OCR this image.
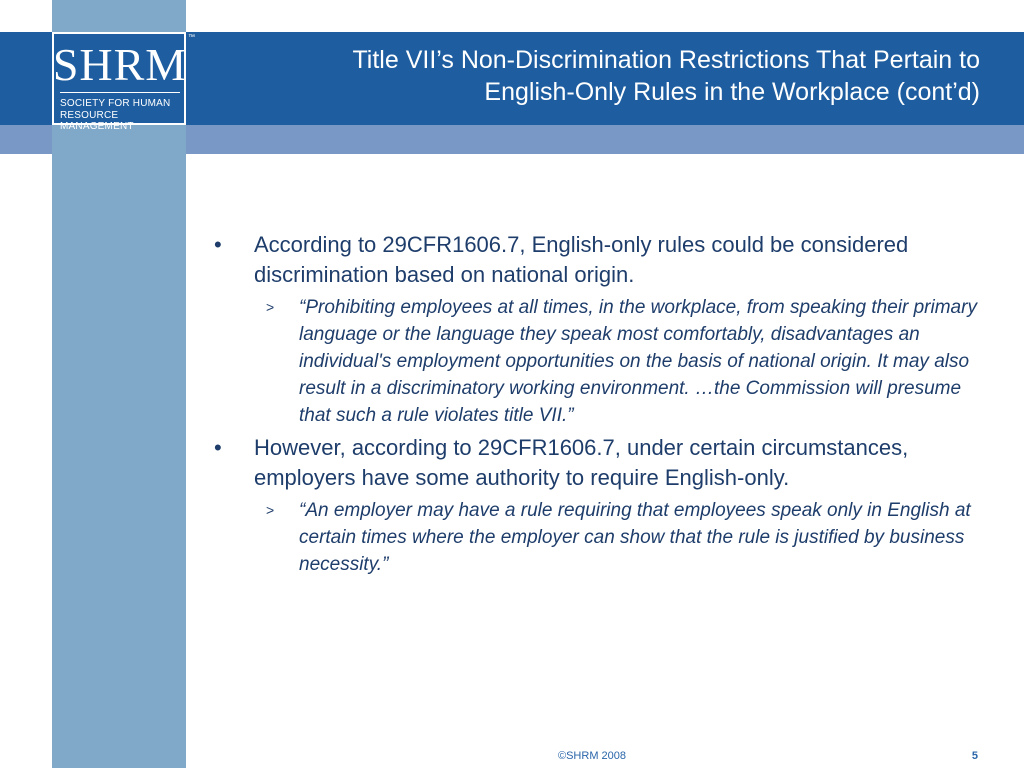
SHRM
SOCIETY FOR HUMAN
RESOURCE MANAGEMENT
™
Title VII’s Non-Discrimination Restrictions That Pertain to
English-Only Rules in the Workplace (cont’d)
•	According to 29CFR1606.7, English-only rules could be considered discrimination based on national origin.
>	“Prohibiting employees at all times, in the workplace, from speaking their primary language or the language they speak most comfortably, disadvantages an individual's employment opportunities on the basis of national origin. It may also result in a discriminatory working environment. …the Commission will presume that such a rule violates title VII.”
•	However, according to 29CFR1606.7, under certain circumstances, employers have some authority to require English-only.
>	“An employer may have a rule requiring that employees speak only in English at certain times where the employer can show that the rule is justified by business necessity.”
©SHRM 2008	5
